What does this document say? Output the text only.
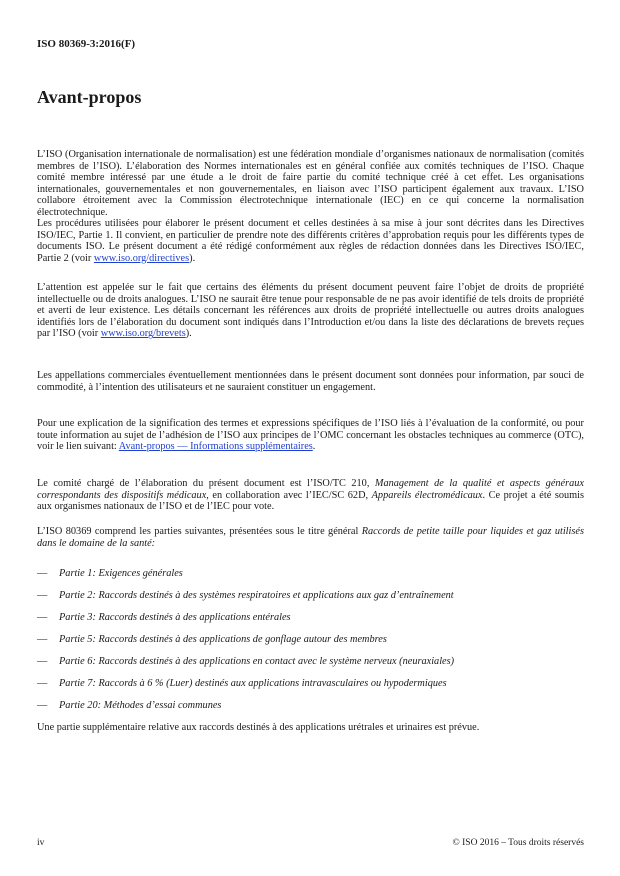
ISO 80369-3:2016(F)
Avant-propos

L’ISO (Organisation internationale de normalisation) est une fédération mondiale d’organismes nationaux de normalisation (comités membres de l’ISO). L’élaboration des Normes internationales est en général confiée aux comités techniques de l’ISO. Chaque comité membre intéressé par une étude a le droit de faire partie du comité technique créé à cet effet. Les organisations internationales, gouvernementales et non gouvernementales, en liaison avec l’ISO participent également aux travaux. L’ISO collabore étroitement avec la Commission électrotechnique internationale (IEC) en ce qui concerne la normalisation électrotechnique.

Les procédures utilisées pour élaborer le présent document et celles destinées à sa mise à jour sont décrites dans les Directives ISO/IEC, Partie 1. Il convient, en particulier de prendre note des différents critères d’approbation requis pour les différents types de documents ISO. Le présent document a été rédigé conformément aux règles de rédaction données dans les Directives ISO/IEC, Partie 2 (voir www.iso.org/directives).

L’attention est appelée sur le fait que certains des éléments du présent document peuvent faire l’objet de droits de propriété intellectuelle ou de droits analogues. L’ISO ne saurait être tenue pour responsable de ne pas avoir identifié de tels droits de propriété et averti de leur existence. Les détails concernant les références aux droits de propriété intellectuelle ou autres droits analogues identifiés lors de l’élaboration du document sont indiqués dans l’Introduction et/ou dans la liste des déclarations de brevets reçues par l’ISO (voir www.iso.org/brevets).

Les appellations commerciales éventuellement mentionnées dans le présent document sont données pour information, par souci de commodité, à l’intention des utilisateurs et ne sauraient constituer un engagement.

Pour une explication de la signification des termes et expressions spécifiques de l’ISO liés à l’évaluation de la conformité, ou pour toute information au sujet de l’adhésion de l’ISO aux principes de l’OMC concernant les obstacles techniques au commerce (OTC), voir le lien suivant: Avant-propos — Informations supplémentaires.

Le comité chargé de l’élaboration du présent document est l’ISO/TC 210, Management de la qualité et aspects généraux correspondants des dispositifs médicaux, en collaboration avec l’IEC/SC 62D, Appareils électromédicaux. Ce projet a été soumis aux organismes nationaux de l’ISO et de l’IEC pour vote.

L’ISO 80369 comprend les parties suivantes, présentées sous le titre général Raccords de petite taille pour liquides et gaz utilisés dans le domaine de la santé:

— Partie 1: Exigences générales
— Partie 2: Raccords destinés à des systèmes respiratoires et applications aux gaz d’entraînement
— Partie 3: Raccords destinés à des applications entérales
— Partie 5: Raccords destinés à des applications de gonflage autour des membres
— Partie 6: Raccords destinés à des applications en contact avec le système nerveux (neuraxiales)
— Partie 7: Raccords à 6 % (Luer) destinés aux applications intravasculaires ou hypodermiques
— Partie 20: Méthodes d’essai communes

Une partie supplémentaire relative aux raccords destinés à des applications urétrales et urinaires est prévue.

iv	© ISO 2016 – Tous droits réservés
